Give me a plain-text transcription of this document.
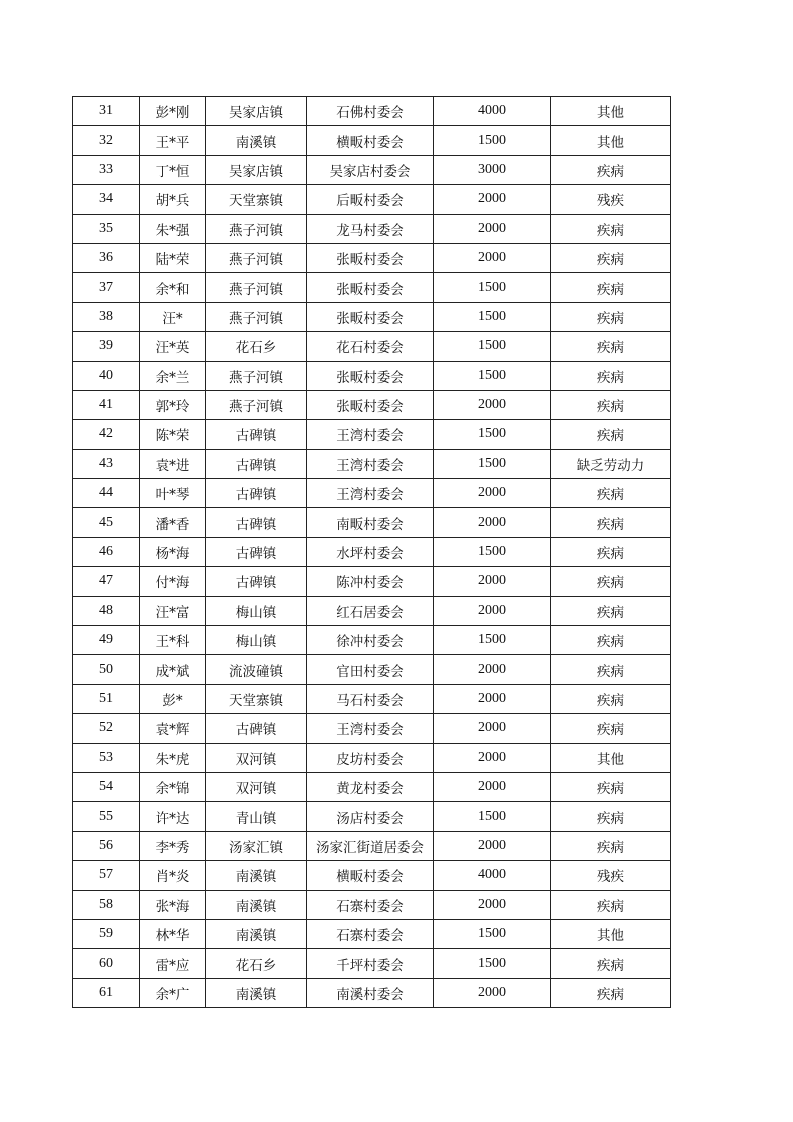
31	彭*刚	吴家店镇	石佛村委会	4000	其他
32	王*平	南溪镇	横畈村委会	1500	其他
33	丁*恒	吴家店镇	吴家店村委会	3000	疾病
34	胡*兵	天堂寨镇	后畈村委会	2000	残疾
35	朱*强	燕子河镇	龙马村委会	2000	疾病
36	陆*荣	燕子河镇	张畈村委会	2000	疾病
37	余*和	燕子河镇	张畈村委会	1500	疾病
38	汪*	燕子河镇	张畈村委会	1500	疾病
39	汪*英	花石乡	花石村委会	1500	疾病
40	余*兰	燕子河镇	张畈村委会	1500	疾病
41	郭*玲	燕子河镇	张畈村委会	2000	疾病
42	陈*荣	古碑镇	王湾村委会	1500	疾病
43	袁*进	古碑镇	王湾村委会	1500	缺乏劳动力
44	叶*琴	古碑镇	王湾村委会	2000	疾病
45	潘*香	古碑镇	南畈村委会	2000	疾病
46	杨*海	古碑镇	水坪村委会	1500	疾病
47	付*海	古碑镇	陈冲村委会	2000	疾病
48	汪*富	梅山镇	红石居委会	2000	疾病
49	王*科	梅山镇	徐冲村委会	1500	疾病
50	成*斌	流波䃥镇	官田村委会	2000	疾病
51	彭*	天堂寨镇	马石村委会	2000	疾病
52	袁*辉	古碑镇	王湾村委会	2000	疾病
53	朱*虎	双河镇	皮坊村委会	2000	其他
54	余*锦	双河镇	黄龙村委会	2000	疾病
55	许*达	青山镇	汤店村委会	1500	疾病
56	李*秀	汤家汇镇	汤家汇街道居委会	2000	疾病
57	肖*炎	南溪镇	横畈村委会	4000	残疾
58	张*海	南溪镇	石寨村委会	2000	疾病
59	林*华	南溪镇	石寨村委会	1500	其他
60	雷*应	花石乡	千坪村委会	1500	疾病
61	余*广	南溪镇	南溪村委会	2000	疾病
